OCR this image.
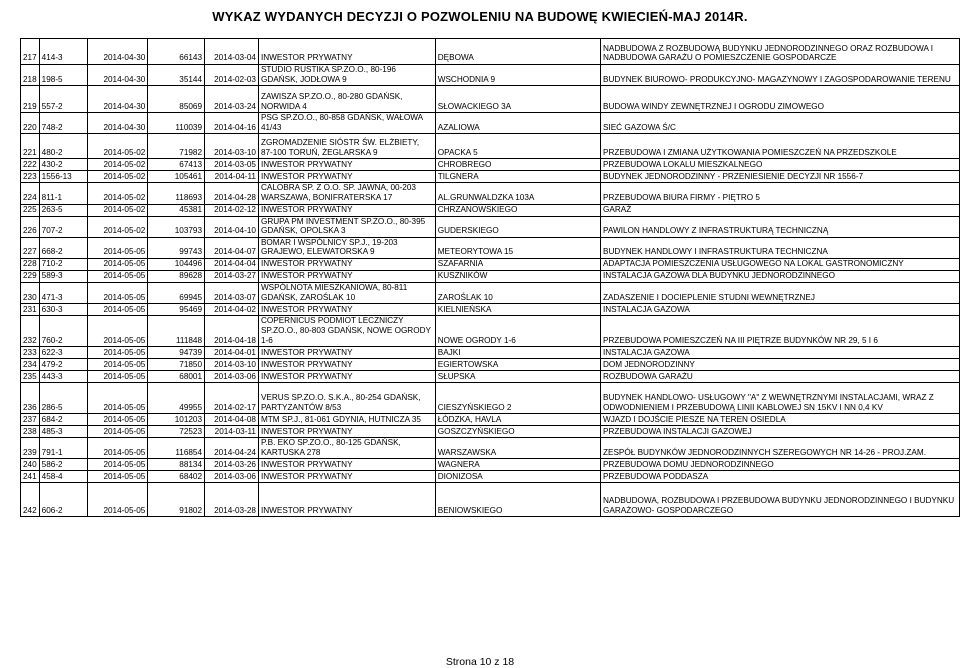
WYKAZ WYDANYCH DECYZJI O POZWOLENIU NA BUDOWĘ KWIECIEŃ-MAJ 2014R.
217	414-3	2014-04-30	66143	2014-03-04	INWESTOR PRYWATNY	DĘBOWA	NADBUDOWA Z ROZBUDOWĄ BUDYNKU JEDNORODZINNEGO ORAZ ROZBUDOWA I NADBUDOWA GARAŻU O POMIESZCZENIE GOSPODARCZE
218	198-5	2014-04-30	35144	2014-02-03	STUDIO RUSTIKA SP.ZO.O., 80-196 GDAŃSK, JODŁOWA 9	WSCHODNIA 9	BUDYNEK BIUROWO- PRODUKCYJNO- MAGAZYNOWY I ZAGOSPODAROWANIE TERENU
219	557-2	2014-04-30	85069	2014-03-24	ZAWISZA SP.ZO.O., 80-280 GDAŃSK, NORWIDA 4	SŁOWACKIEGO 3A	BUDOWA WINDY ZEWNĘTRZNEJ I OGRODU ZIMOWEGO
220	748-2	2014-04-30	110039	2014-04-16	PSG SP.ZO.O., 80-858 GDAŃSK, WAŁOWA 41/43	AZALIOWA	SIEĆ GAZOWA Ś/C
221	480-2	2014-05-02	71982	2014-03-10	ZGROMADZENIE SIÓSTR ŚW. ELŻBIETY, 87-100 TORUŃ, ŻEGLARSKA 9	OPACKA 5	PRZEBUDOWA I ZMIANA UŻYTKOWANIA POMIESZCZEŃ NA PRZEDSZKOLE
222	430-2	2014-05-02	67413	2014-03-05	INWESTOR PRYWATNY	CHROBREGO	PRZEBUDOWA LOKALU MIESZKALNEGO
223	1556-13	2014-05-02	105461	2014-04-11	INWESTOR PRYWATNY	TILGNERA	BUDYNEK JEDNORODZINNY - PRZENIESIENIE DECYZJI NR 1556-7
224	811-1	2014-05-02	118693	2014-04-28	CALOBRA SP. Z O.O. SP. JAWNA, 00-203 WARSZAWA, BONIFRATERSKA 17	AL.GRUNWALDZKA 103A	PRZEBUDOWA BIURA FIRMY - PIĘTRO 5
225	263-5	2014-05-02	45381	2014-02-12	INWESTOR PRYWATNY	CHRZANOWSKIEGO	GARAŻ
226	707-2	2014-05-02	103793	2014-04-10	GRUPA PM INVESTMENT SP.ZO.O., 80-395 GDAŃSK, OPOLSKA 3	GUDERSKIEGO	PAWILON HANDLOWY Z INFRASTRUKTURĄ TECHNICZNĄ
227	668-2	2014-05-05	99743	2014-04-07	BOMAR I WSPÓLNICY SP.J., 19-203 GRAJEWO, ELEWATORSKA 9	METEORYTOWA 15	BUDYNEK HANDLOWY I INFRASTRUKTURA TECHNICZNA
228	710-2	2014-05-05	104496	2014-04-04	INWESTOR PRYWATNY	SZAFARNIA	ADAPTACJA POMIESZCZENIA USŁUGOWEGO NA LOKAL GASTRONOMICZNY
229	589-3	2014-05-05	89628	2014-03-27	INWESTOR PRYWATNY	KUSZNIKÓW	INSTALACJA GAZOWA DLA BUDYNKU JEDNORODZINNEGO
230	471-3	2014-05-05	69945	2014-03-07	WSPÓLNOTA MIESZKANIOWA, 80-811 GDAŃSK, ZAROŚLAK 10	ZAROŚLAK 10	ZADASZENIE I DOCIEPLENIE STUDNI WEWNĘTRZNEJ
231	630-3	2014-05-05	95469	2014-04-02	INWESTOR PRYWATNY	KIELNIEŃSKA	INSTALACJA GAZOWA
232	760-2	2014-05-05	111848	2014-04-18	COPERNICUS PODMIOT LECZNICZY SP.ZO.O., 80-803 GDAŃSK, NOWE OGRODY 1-6	NOWE OGRODY 1-6	PRZEBUDOWA POMIESZCZEŃ NA III PIĘTRZE BUDYNKÓW NR 29, 5 I 6
233	622-3	2014-05-05	94739	2014-04-01	INWESTOR PRYWATNY	BAJKI	INSTALACJA GAZOWA
234	479-2	2014-05-05	71850	2014-03-10	INWESTOR PRYWATNY	EGIERTOWSKA	DOM JEDNORODZINNY
235	443-3	2014-05-05	68001	2014-03-06	INWESTOR PRYWATNY	SŁUPSKA	ROZBUDOWA GARAŻU
236	286-5	2014-05-05	49955	2014-02-17	VERUS SP.ZO.O. S.K.A., 80-254 GDAŃSK, PARTYZANTÓW 8/53	CIESZYŃSKIEGO 2	BUDYNEK HANDLOWO- USŁUGOWY "A" Z WEWNĘTRZNYMI INSTALACJAMI, WRAZ Z ODWODNIENIEM I PRZEBUDOWĄ LINII KABLOWEJ SN 15KV I NN 0,4 KV
237	684-2	2014-05-05	101203	2014-04-08	MTM SP.J., 81-061 GDYNIA, HUTNICZA 35	ŁÓDZKA, HAVLA	WJAZD I DOJŚCIE PIESZE NA TEREN OSIEDLA
238	485-3	2014-05-05	72523	2014-03-11	INWESTOR PRYWATNY	GOSZCZYŃSKIEGO	PRZEBUDOWA INSTALACJI GAZOWEJ
239	791-1	2014-05-05	116854	2014-04-24	P.B. EKO SP.ZO.O., 80-125 GDAŃSK, KARTUSKA 278	WARSZAWSKA	ZESPÓŁ BUDYNKÓW JEDNORODZINNYCH SZEREGOWYCH NR 14-26 - PROJ.ZAM.
240	586-2	2014-05-05	88134	2014-03-26	INWESTOR PRYWATNY	WAGNERA	PRZEBUDOWA DOMU JEDNORODZINNEGO
241	458-4	2014-05-05	68402	2014-03-06	INWESTOR PRYWATNY	DIONIZOSA	PRZEBUDOWA PODDASZA
242	606-2	2014-05-05	91802	2014-03-28	INWESTOR PRYWATNY	BENIOWSKIEGO	NADBUDOWA, ROZBUDOWA I PRZEBUDOWA BUDYNKU JEDNORODZINNEGO I BUDYNKU GARAŻOWO- GOSPODARCZEGO
Strona 10 z 18
